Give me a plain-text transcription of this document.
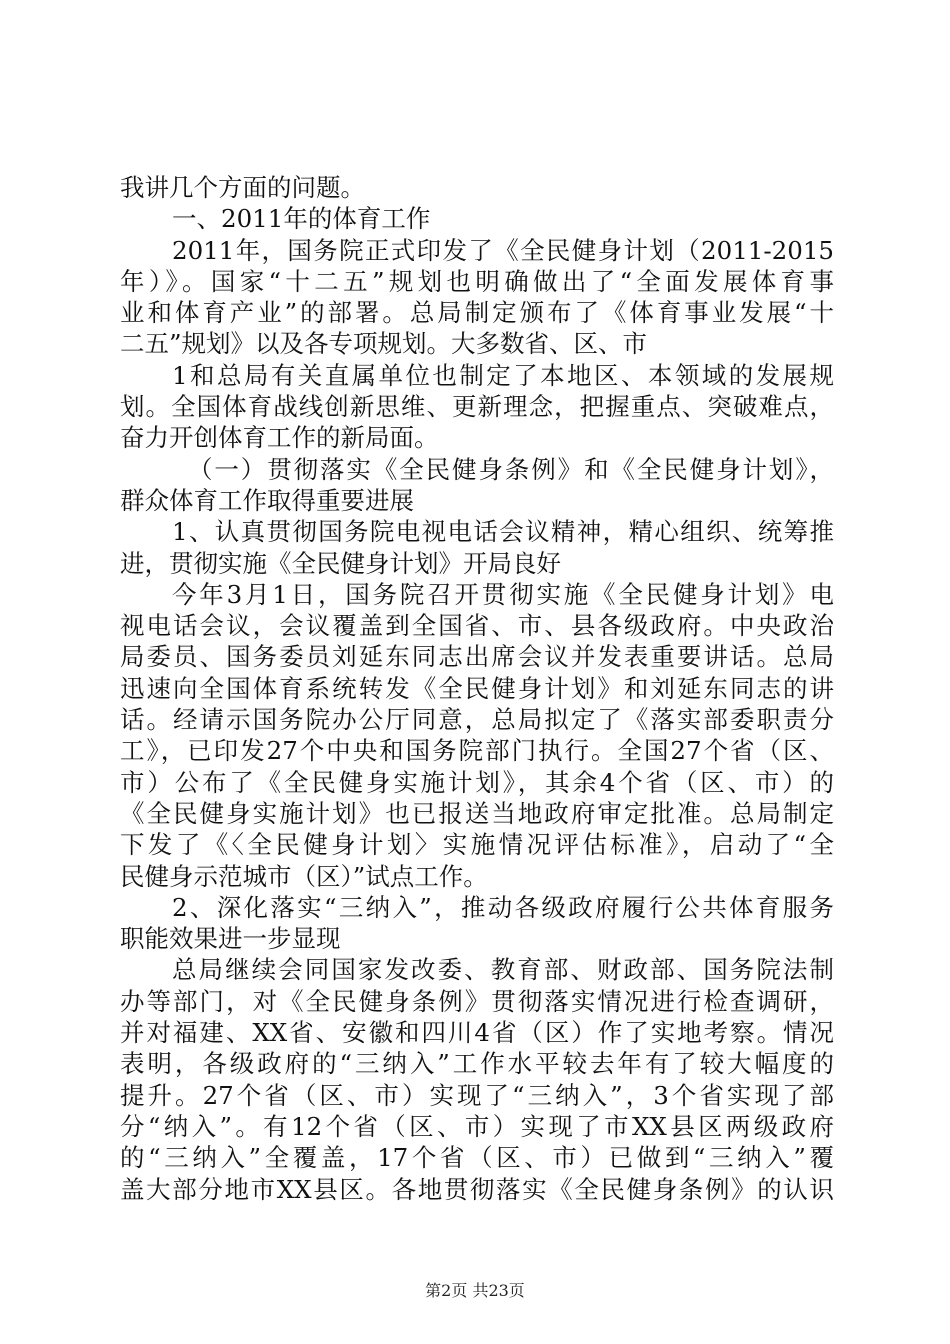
我讲几个方面的问题。
一、2011年的体育工作
2011年，国务院正式印发了《全民健身计划（2011-2015
年）》。国家“十二五”规划也明确做出了“全面发展体育事
业和体育产业”的部署。总局制定颁布了《体育事业发展“十
二五”规划》以及各专项规划。大多数省、区、市
1和总局有关直属单位也制定了本地区、本领域的发展规
划。全国体育战线创新思维、更新理念，把握重点、突破难点，
奋力开创体育工作的新局面。
（一）贯彻落实《全民健身条例》和《全民健身计划》，
群众体育工作取得重要进展
1、认真贯彻国务院电视电话会议精神，精心组织、统筹推
进，贯彻实施《全民健身计划》开局良好
今年3月1日，国务院召开贯彻实施《全民健身计划》电
视电话会议，会议覆盖到全国省、市、县各级政府。中央政治
局委员、国务委员刘延东同志出席会议并发表重要讲话。总局
迅速向全国体育系统转发《全民健身计划》和刘延东同志的讲
话。经请示国务院办公厅同意，总局拟定了《落实部委职责分
工》，已印发27个中央和国务院部门执行。全国27个省（区、
市）公布了《全民健身实施计划》，其余4个省（区、市）的
《全民健身实施计划》也已报送当地政府审定批准。总局制定
下发了《〈全民健身计划〉实施情况评估标准》，启动了“全
民健身示范城市（区）”试点工作。
2、深化落实“三纳入”，推动各级政府履行公共体育服务
职能效果进一步显现
总局继续会同国家发改委、教育部、财政部、国务院法制
办等部门，对《全民健身条例》贯彻落实情况进行检查调研，
并对福建、XX省、安徽和四川4省（区）作了实地考察。情况
表明，各级政府的“三纳入”工作水平较去年有了较大幅度的
提升。27个省（区、市）实现了“三纳入”，3个省实现了部
分“纳入”。有12个省（区、市）实现了市XX县区两级政府
的“三纳入”全覆盖，17个省（区、市）已做到“三纳入”覆
盖大部分地市XX县区。各地贯彻落实《全民健身条例》的认识
第2页 共23页
